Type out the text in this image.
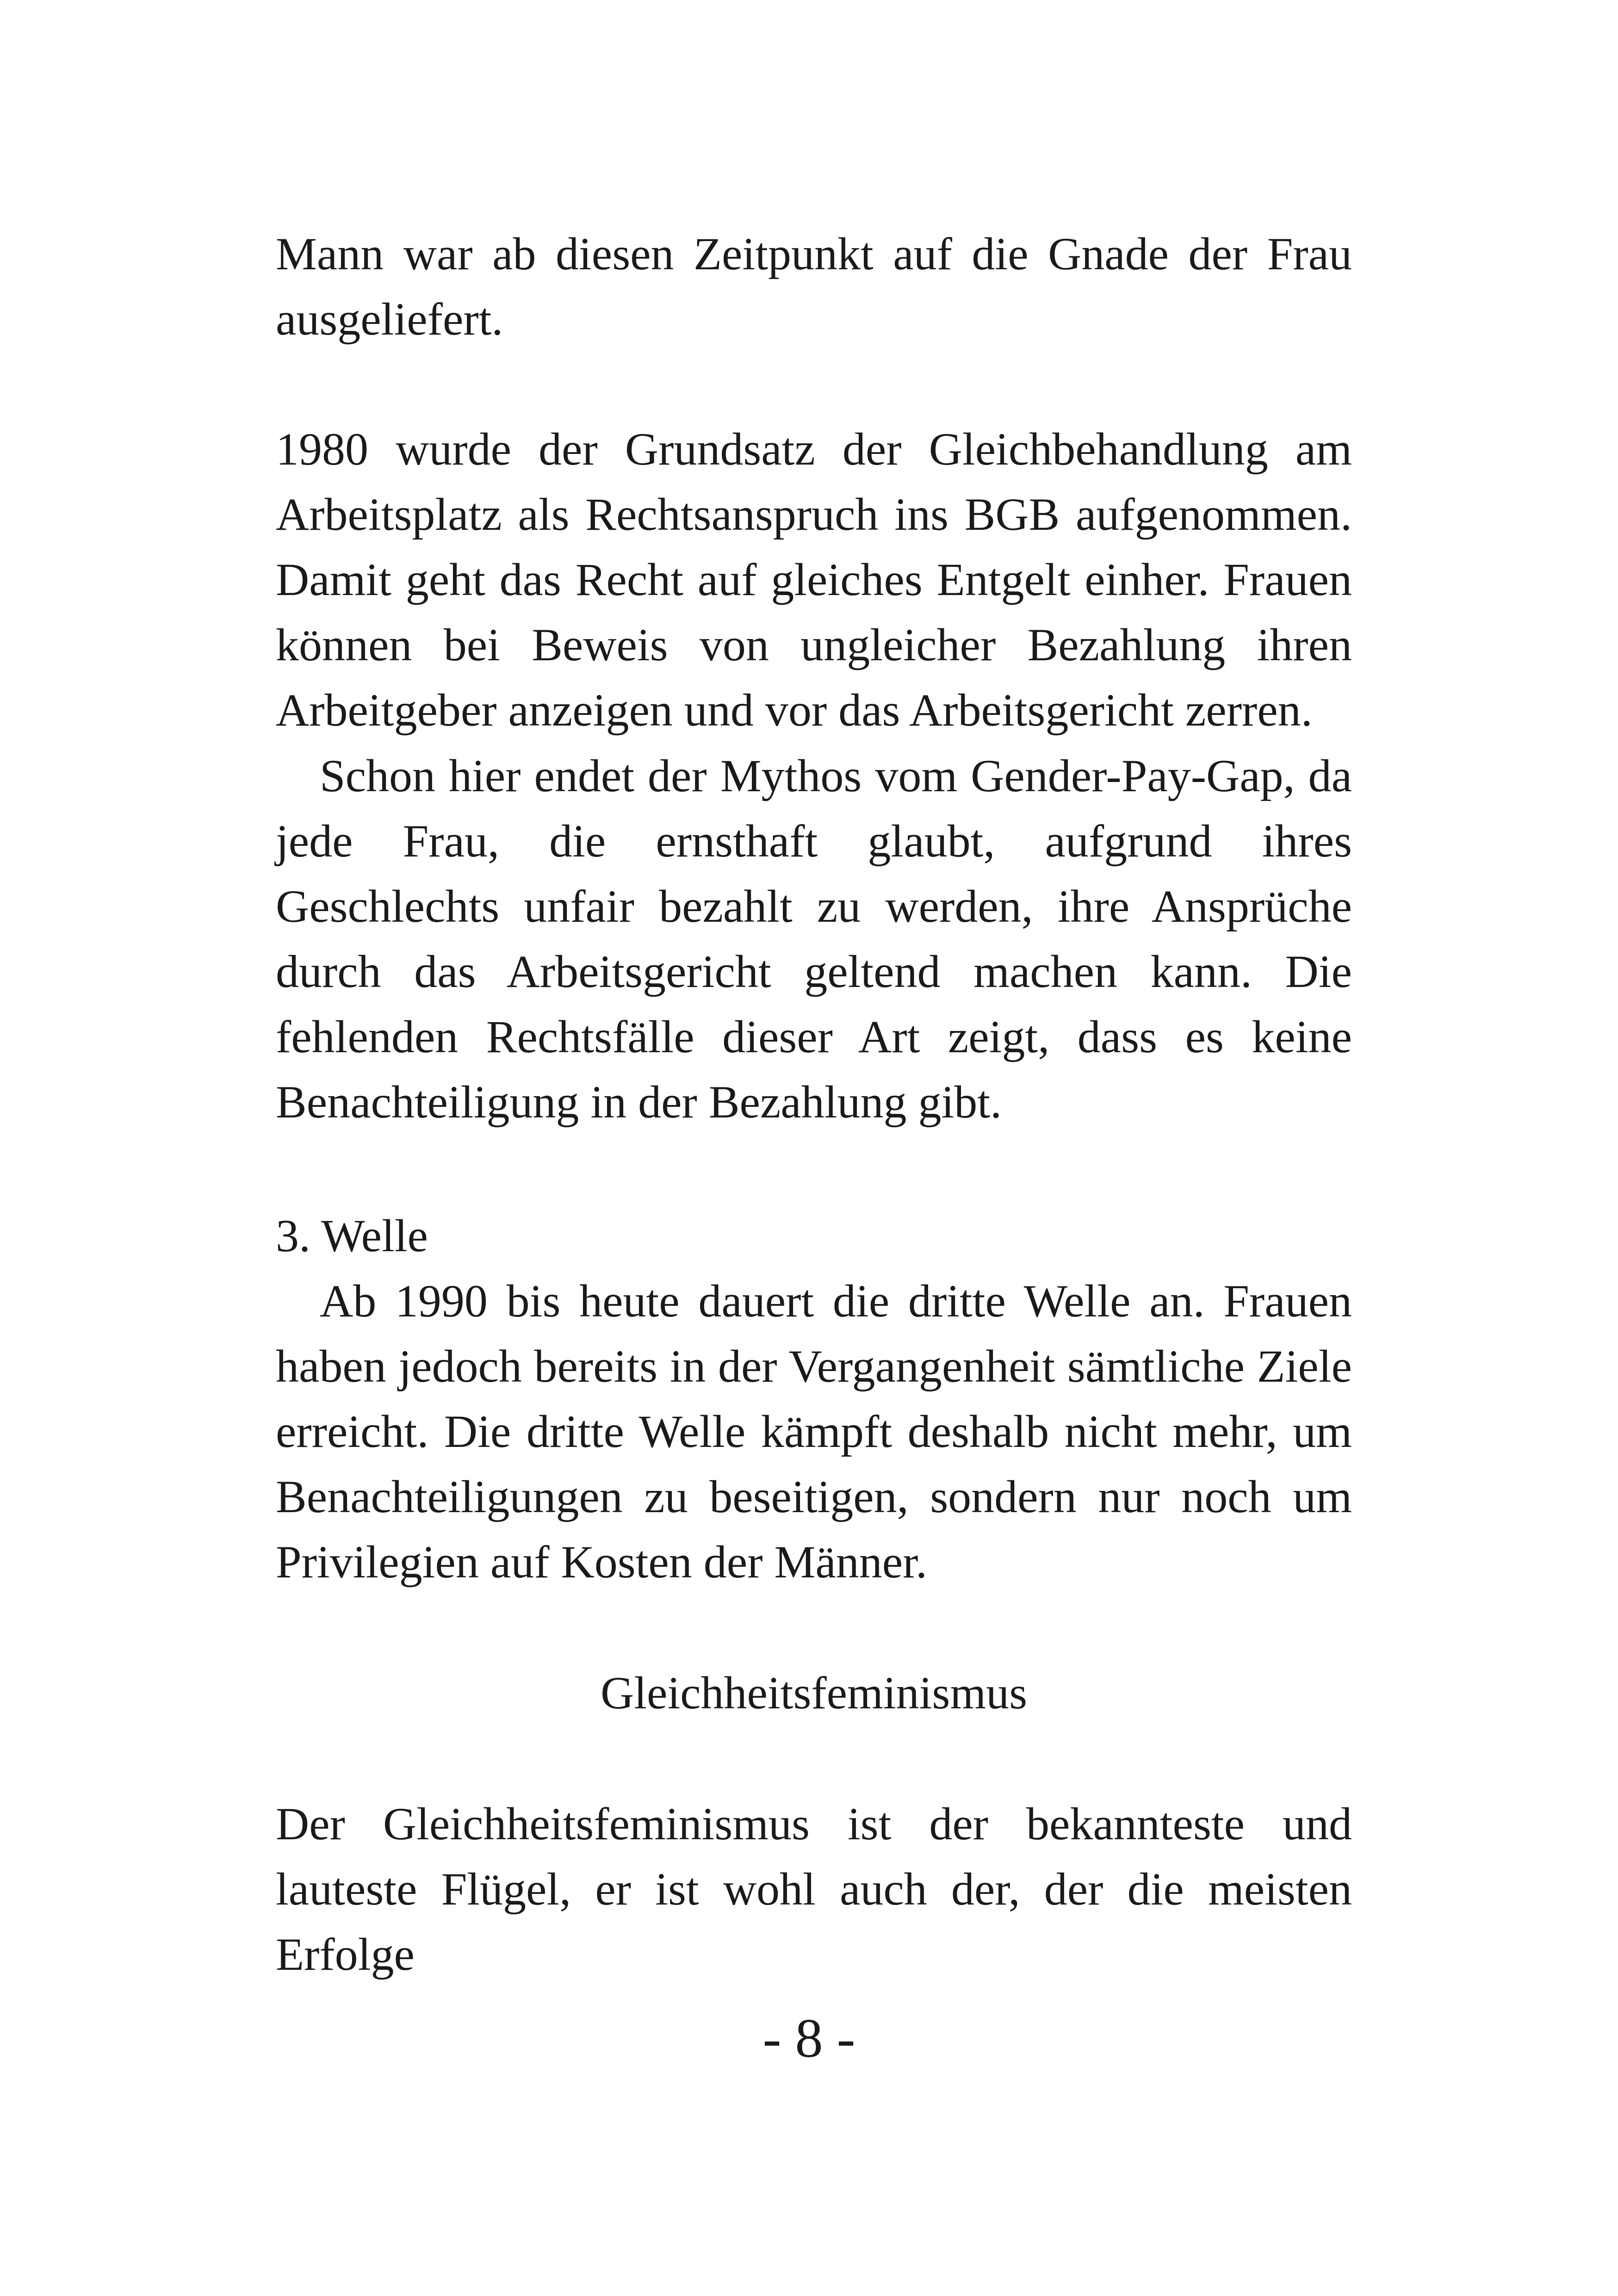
Mann war ab diesen Zeitpunkt auf die Gnade der Frau ausgeliefert.

1980 wurde der Grundsatz der Gleichbehandlung am Arbeitsplatz als Rechtsanspruch ins BGB aufgenommen. Damit geht das Recht auf gleiches Entgelt einher. Frauen können bei Beweis von ungleicher Bezahlung ihren Arbeitgeber anzeigen und vor das Arbeitsgericht zerren.

Schon hier endet der Mythos vom Gender-Pay-Gap, da jede Frau, die ernsthaft glaubt, aufgrund ihres Geschlechts unfair bezahlt zu werden, ihre Ansprüche durch das Arbeitsgericht geltend machen kann. Die fehlenden Rechtsfälle dieser Art zeigt, dass es keine Benachteiligung in der Bezahlung gibt.

3. Welle

Ab 1990 bis heute dauert die dritte Welle an. Frauen haben jedoch bereits in der Vergangenheit sämtliche Ziele erreicht. Die dritte Welle kämpft deshalb nicht mehr, um Benachteiligungen zu beseitigen, sondern nur noch um Privilegien auf Kosten der Männer.

Gleichheitsfeminismus

Der Gleichheitsfeminismus ist der bekannteste und lauteste Flügel, er ist wohl auch der, der die meisten Erfolge

- 8 -
